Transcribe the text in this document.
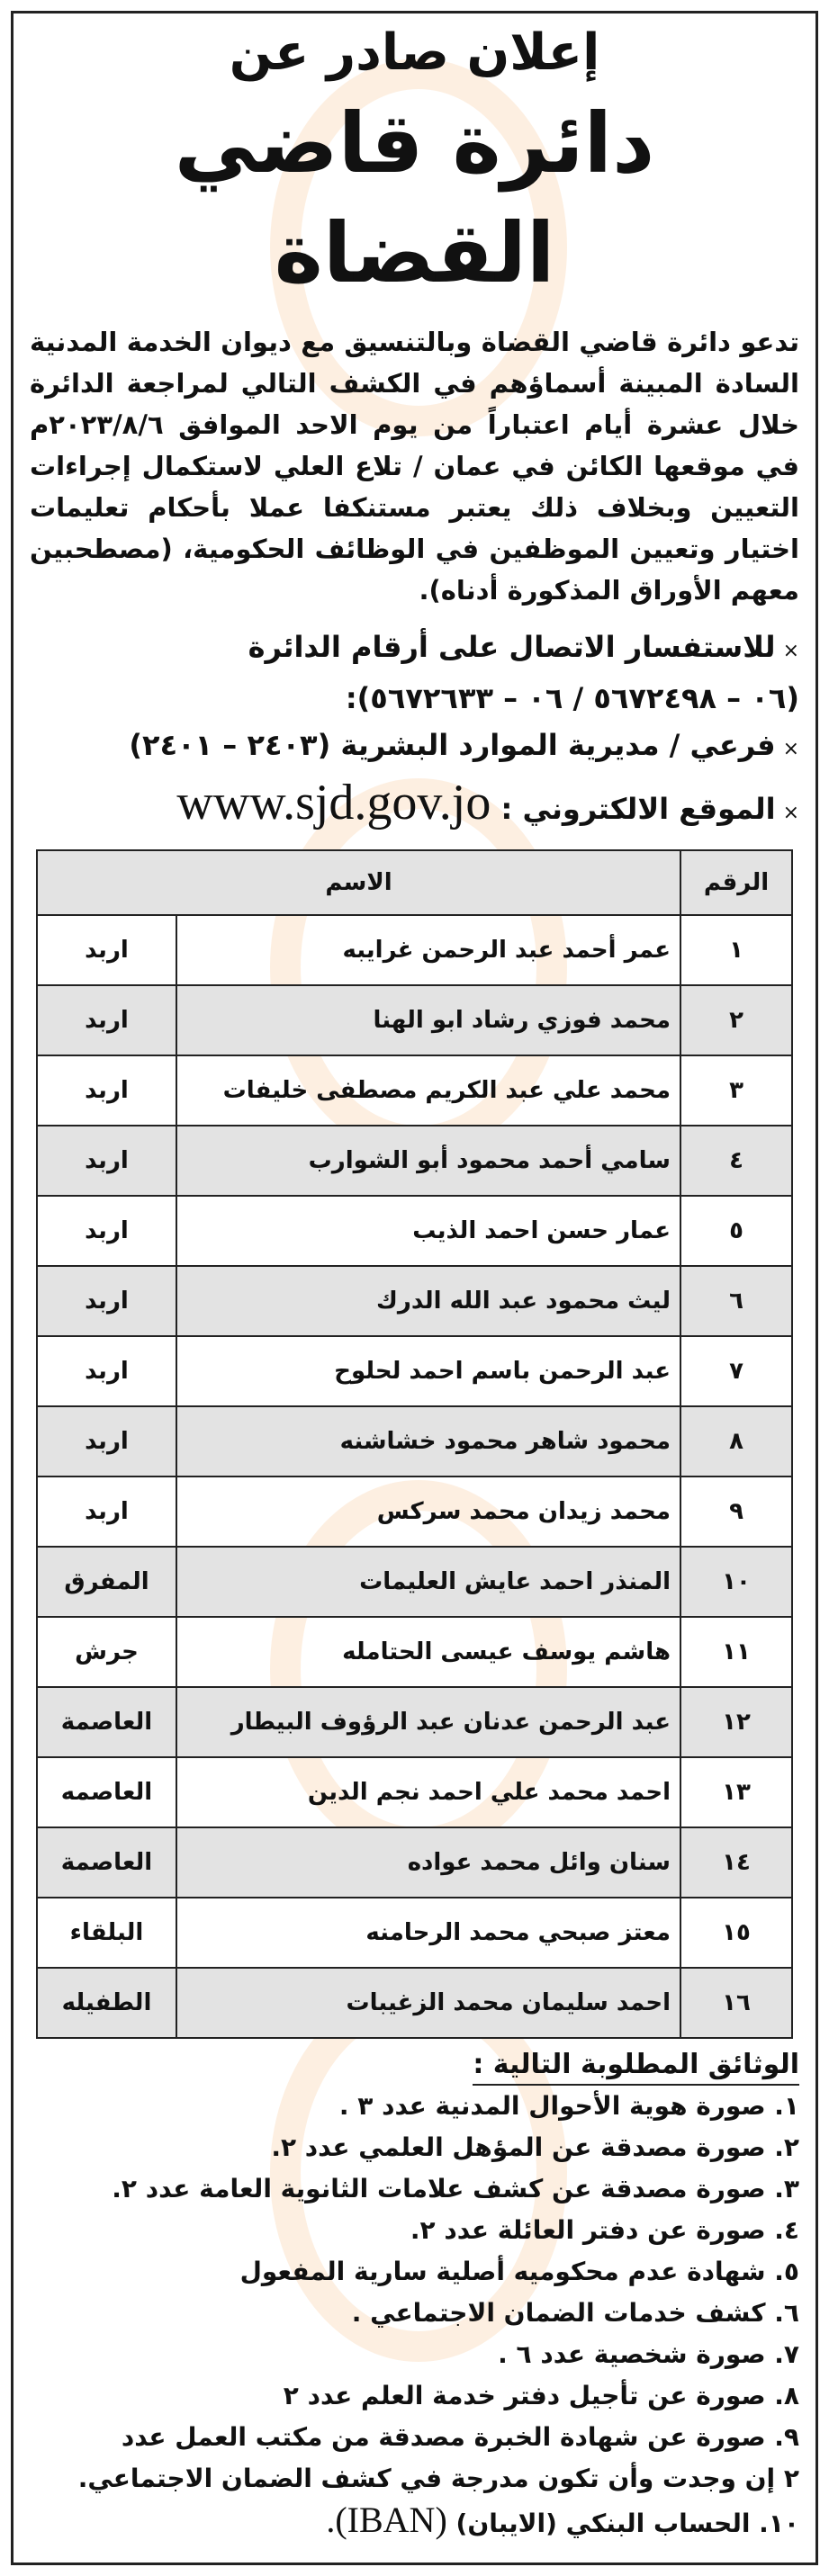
إعلان صادر عن
دائرة قاضي القضاة
تدعو دائرة قاضي القضاة وبالتنسيق مع ديوان الخدمة المدنية السادة المبينة أسماؤهم في الكشف التالي لمراجعة الدائرة خلال عشرة أيام اعتباراً من يوم الاحد الموافق ٢٠٢٣/٨/٦م في موقعها الكائن في عمان / تلاع العلي لاستكمال إجراءات التعيين وبخلاف ذلك يعتبر مستنكفا عملا بأحكام تعليمات اختيار وتعيين الموظفين في الوظائف الحكومية، (مصطحبين معهم الأوراق المذكورة أدناه).
×للاستفسار الاتصال على أرقام الدائرة
(٠٦ – ٥٦٧٢٤٩٨ / ٠٦ – ٥٦٧٢٦٣٣):
×فرعي / مديرية الموارد البشرية (٢٤٠٣ – ٢٤٠١)
×الموقع الالكتروني : www.sjd.gov.jo
الرقم	الاسم	
١	عمر أحمد عبد الرحمن غرايبه	اربد
٢	محمد فوزي رشاد ابو الهنا	اربد
٣	محمد علي عبد الكريم مصطفى خليفات	اربد
٤	سامي أحمد محمود أبو الشوارب	اربد
٥	عمار حسن احمد الذيب	اربد
٦	ليث محمود عبد الله الدرك	اربد
٧	عبد الرحمن باسم احمد لحلوح	اربد
٨	محمود شاهر محمود خشاشنه	اربد
٩	محمد زيدان محمد سركس	اربد
١٠	المنذر احمد عايش العليمات	المفرق
١١	هاشم يوسف عيسى الحتامله	جرش
١٢	عبد الرحمن عدنان عبد الرؤوف البيطار	العاصمة
١٣	احمد محمد علي احمد نجم الدين	العاصمه
١٤	سنان وائل محمد عواده	العاصمة
١٥	معتز صبحي محمد الرحامنه	البلقاء
١٦	احمد سليمان محمد الزغيبات	الطفيله
الوثائق المطلوبة التالية :
١. صورة هوية الأحوال المدنية عدد ٣ .
٢. صورة مصدقة عن المؤهل العلمي عدد ٢.
٣. صورة مصدقة عن كشف علامات الثانوية العامة عدد ٢.
٤. صورة عن دفتر العائلة عدد ٢.
٥. شهادة عدم محكوميه أصلية سارية المفعول
٦. كشف خدمات الضمان الاجتماعي .
٧. صورة شخصية عدد ٦ .
٨. صورة عن تأجيل دفتر خدمة العلم عدد ٢
٩. صورة عن شهادة الخبرة مصدقة من مكتب العمل عدد
٢ إن وجدت وأن تكون مدرجة في كشف الضمان الاجتماعي.
١٠. الحساب البنكي (الايبان) (IBAN).
